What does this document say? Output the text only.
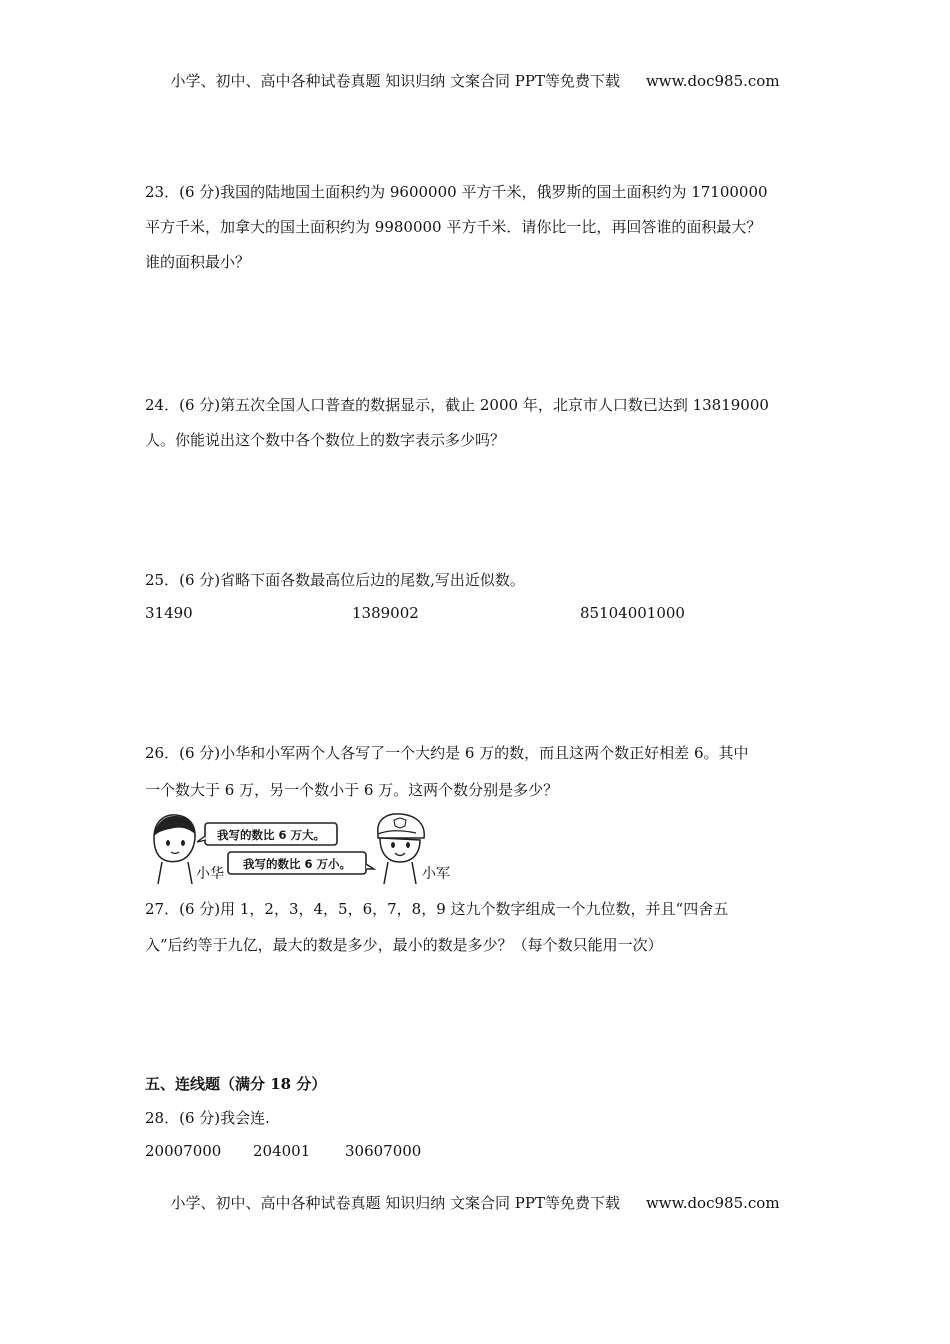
小学、初中、高中各种试卷真题 知识归纳 文案合同 PPT等免费下载 www.doc985.com
23．(6 分)我国的陆地国土面积约为 9600000 平方千米，俄罗斯的国土面积约为 17100000
平方千米，加拿大的国土面积约为 9980000 平方千米．请你比一比，再回答谁的面积最大？
谁的面积最小？
24．(6 分)第五次全国人口普查的数据显示，截止 2000 年，北京市人口数已达到 13819000
人。你能说出这个数中各个数位上的数字表示多少吗？
25．(6 分)省略下面各数最高位后边的尾数,写出近似数。
31490	1389002	85104001000
26．(6 分)小华和小军两个人各写了一个大约是 6 万的数，而且这两个数正好相差 6。其中
一个数大于 6 万，另一个数小于 6 万。这两个数分别是多少？
我写的数比 6 万大。
我写的数比 6 万小。
小华	小军
27．(6 分)用 1，2，3，4，5，6，7，8，9 这九个数字组成一个九位数，并且“四舍五
入”后约等于九亿，最大的数是多少，最小的数是多少？（每个数只能用一次）
五、连线题（满分 18 分）
28．(6 分)我会连.
20007000 204001 30607000
小学、初中、高中各种试卷真题 知识归纳 文案合同 PPT等免费下载 www.doc985.com
